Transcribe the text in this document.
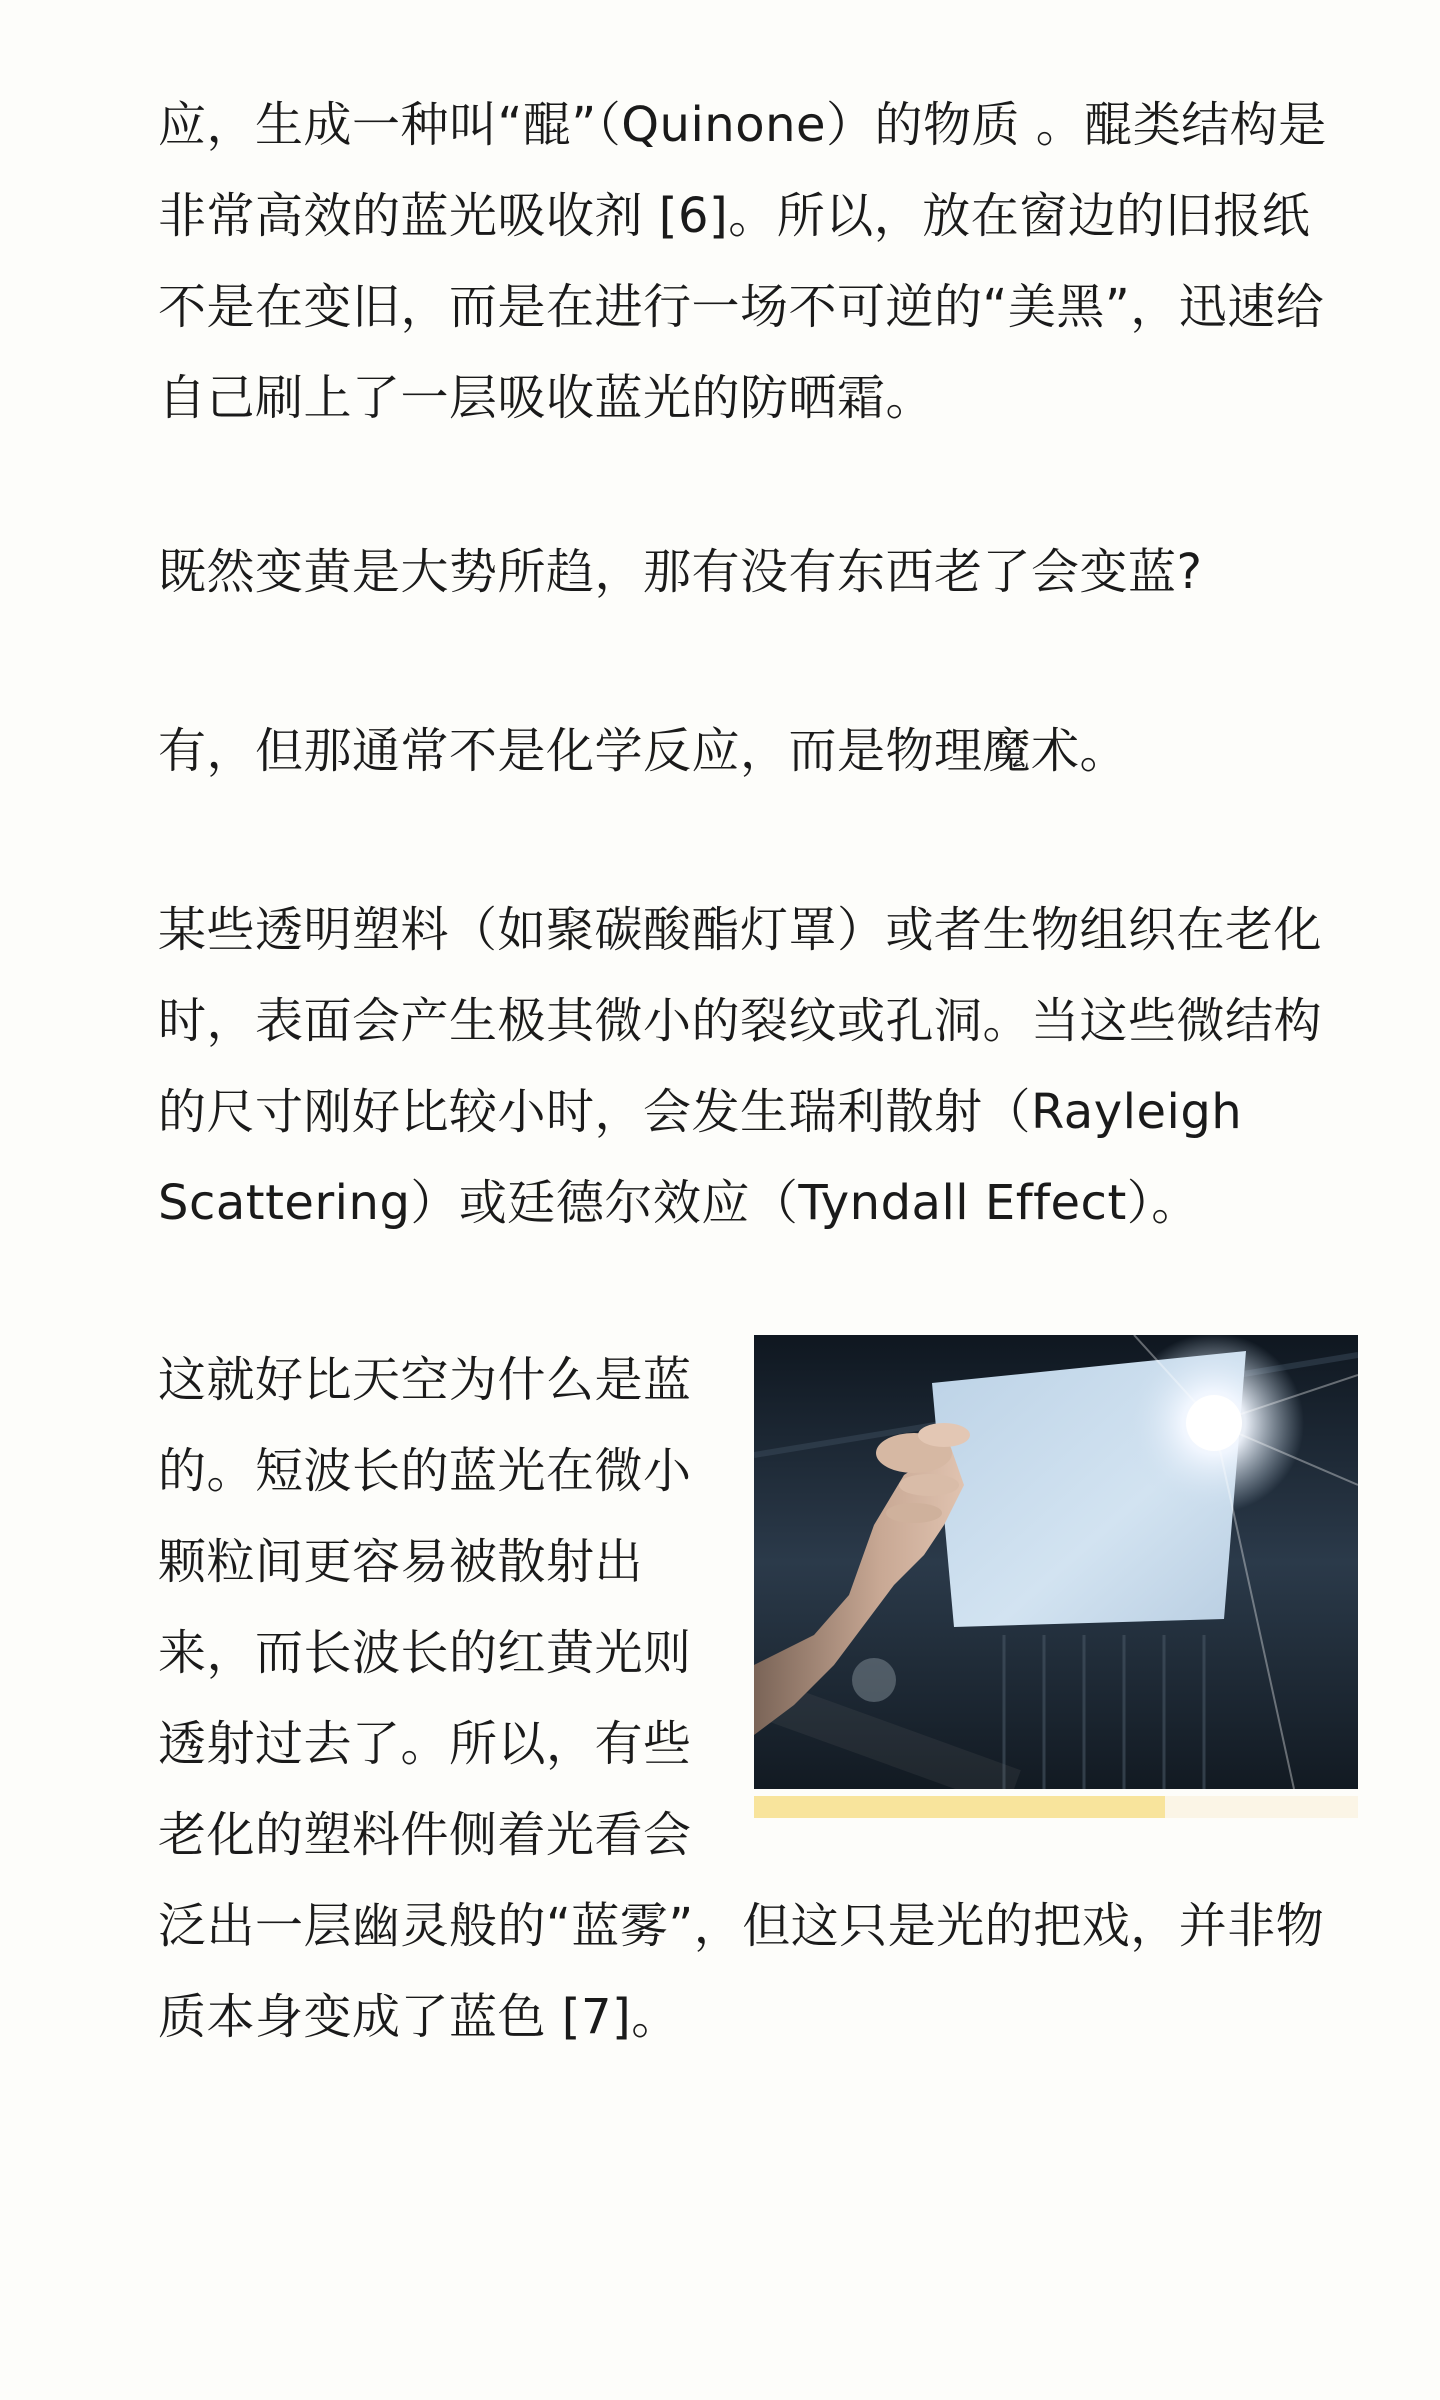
应，生成一种叫“醌”（Quinone）的物质 。醌类结构是非常高效的蓝光吸收剂 [6]。所以，放在窗边的旧报纸不是在变旧，而是在进行一场不可逆的“美黑”，迅速给自己刷上了一层吸收蓝光的防晒霜。

既然变黄是大势所趋，那有没有东西老了会变蓝?

有，但那通常不是化学反应，而是物理魔术。

某些透明塑料（如聚碳酸酯灯罩）或者生物组织在老化时，表面会产生极其微小的裂纹或孔洞。当这些微结构的尺寸刚好比较小时，会发生瑞利散射（Rayleigh Scattering）或廷德尔效应（Tyndall Effect）。

这就好比天空为什么是蓝的。短波长的蓝光在微小颗粒间更容易被散射出来，而长波长的红黄光则透射过去了。所以，有些老化的塑料件侧着光看会泛出一层幽灵般的“蓝雾”，但这只是光的把戏，并非物质本身变成了蓝色 [7]。
